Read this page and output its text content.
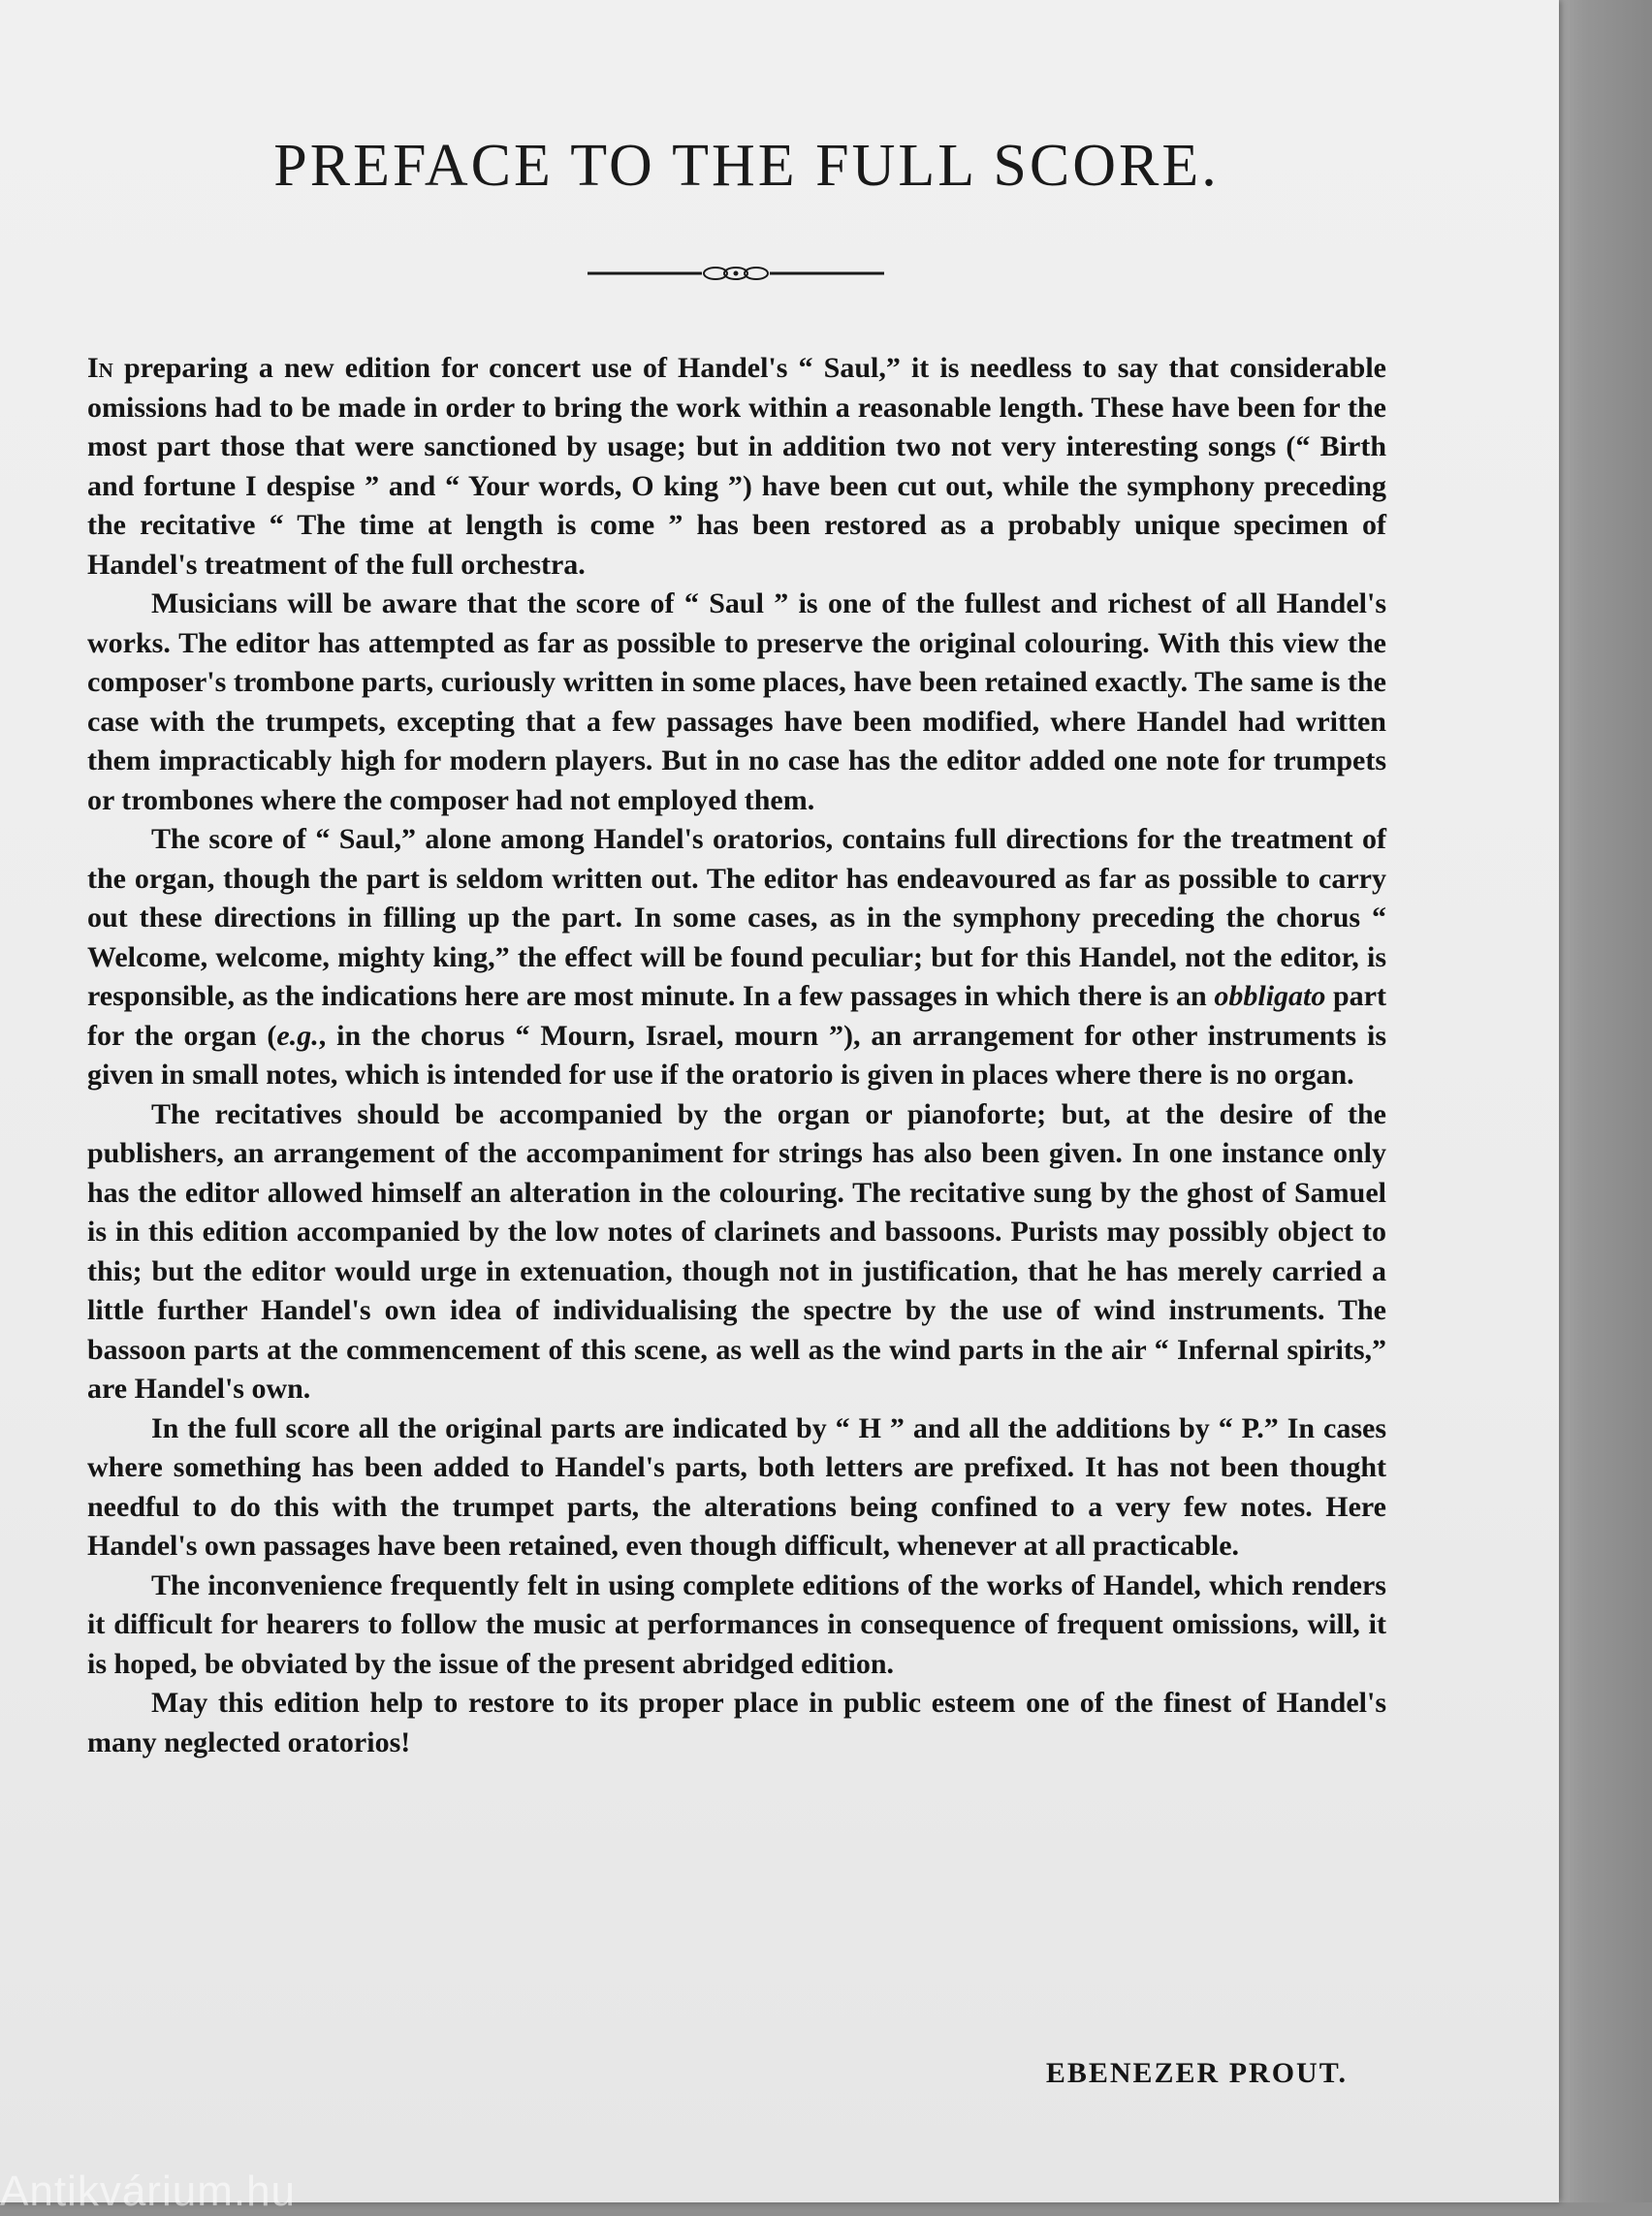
PREFACE TO THE FULL SCORE.

In preparing a new edition for concert use of Handel's “ Saul,” it is needless to say that considerable omissions had to be made in order to bring the work within a reasonable length. These have been for the most part those that were sanctioned by usage; but in addition two not very interesting songs (“ Birth and fortune I despise ” and “ Your words, O king ”) have been cut out, while the symphony preceding the recitative “ The time at length is come ” has been restored as a probably unique specimen of Handel's treatment of the full orchestra.

Musicians will be aware that the score of “ Saul ” is one of the fullest and richest of all Handel's works. The editor has attempted as far as possible to preserve the original colouring. With this view the composer's trombone parts, curiously written in some places, have been retained exactly. The same is the case with the trumpets, excepting that a few passages have been modified, where Handel had written them impracticably high for modern players. But in no case has the editor added one note for trumpets or trombones where the composer had not employed them.

The score of “ Saul,” alone among Handel's oratorios, contains full directions for the treatment of the organ, though the part is seldom written out. The editor has endeavoured as far as possible to carry out these directions in filling up the part. In some cases, as in the symphony preceding the chorus “ Welcome, welcome, mighty king,” the effect will be found peculiar; but for this Handel, not the editor, is responsible, as the indications here are most minute. In a few passages in which there is an obbligato part for the organ (e.g., in the chorus “ Mourn, Israel, mourn ”), an arrangement for other instruments is given in small notes, which is intended for use if the oratorio is given in places where there is no organ.

The recitatives should be accompanied by the organ or pianoforte; but, at the desire of the publishers, an arrangement of the accompaniment for strings has also been given. In one instance only has the editor allowed himself an alteration in the colouring. The recitative sung by the ghost of Samuel is in this edition accompanied by the low notes of clarinets and bassoons. Purists may possibly object to this; but the editor would urge in extenuation, though not in justification, that he has merely carried a little further Handel's own idea of individualising the spectre by the use of wind instruments. The bassoon parts at the commencement of this scene, as well as the wind parts in the air “ Infernal spirits,” are Handel's own.

In the full score all the original parts are indicated by “ H ” and all the additions by “ P.” In cases where something has been added to Handel's parts, both letters are prefixed. It has not been thought needful to do this with the trumpet parts, the alterations being confined to a very few notes. Here Handel's own passages have been retained, even though difficult, whenever at all practicable.

The inconvenience frequently felt in using complete editions of the works of Handel, which renders it difficult for hearers to follow the music at performances in consequence of frequent omissions, will, it is hoped, be obviated by the issue of the present abridged edition.

May this edition help to restore to its proper place in public esteem one of the finest of Handel's many neglected oratorios!

EBENEZER PROUT.
Antikvárium.hu
